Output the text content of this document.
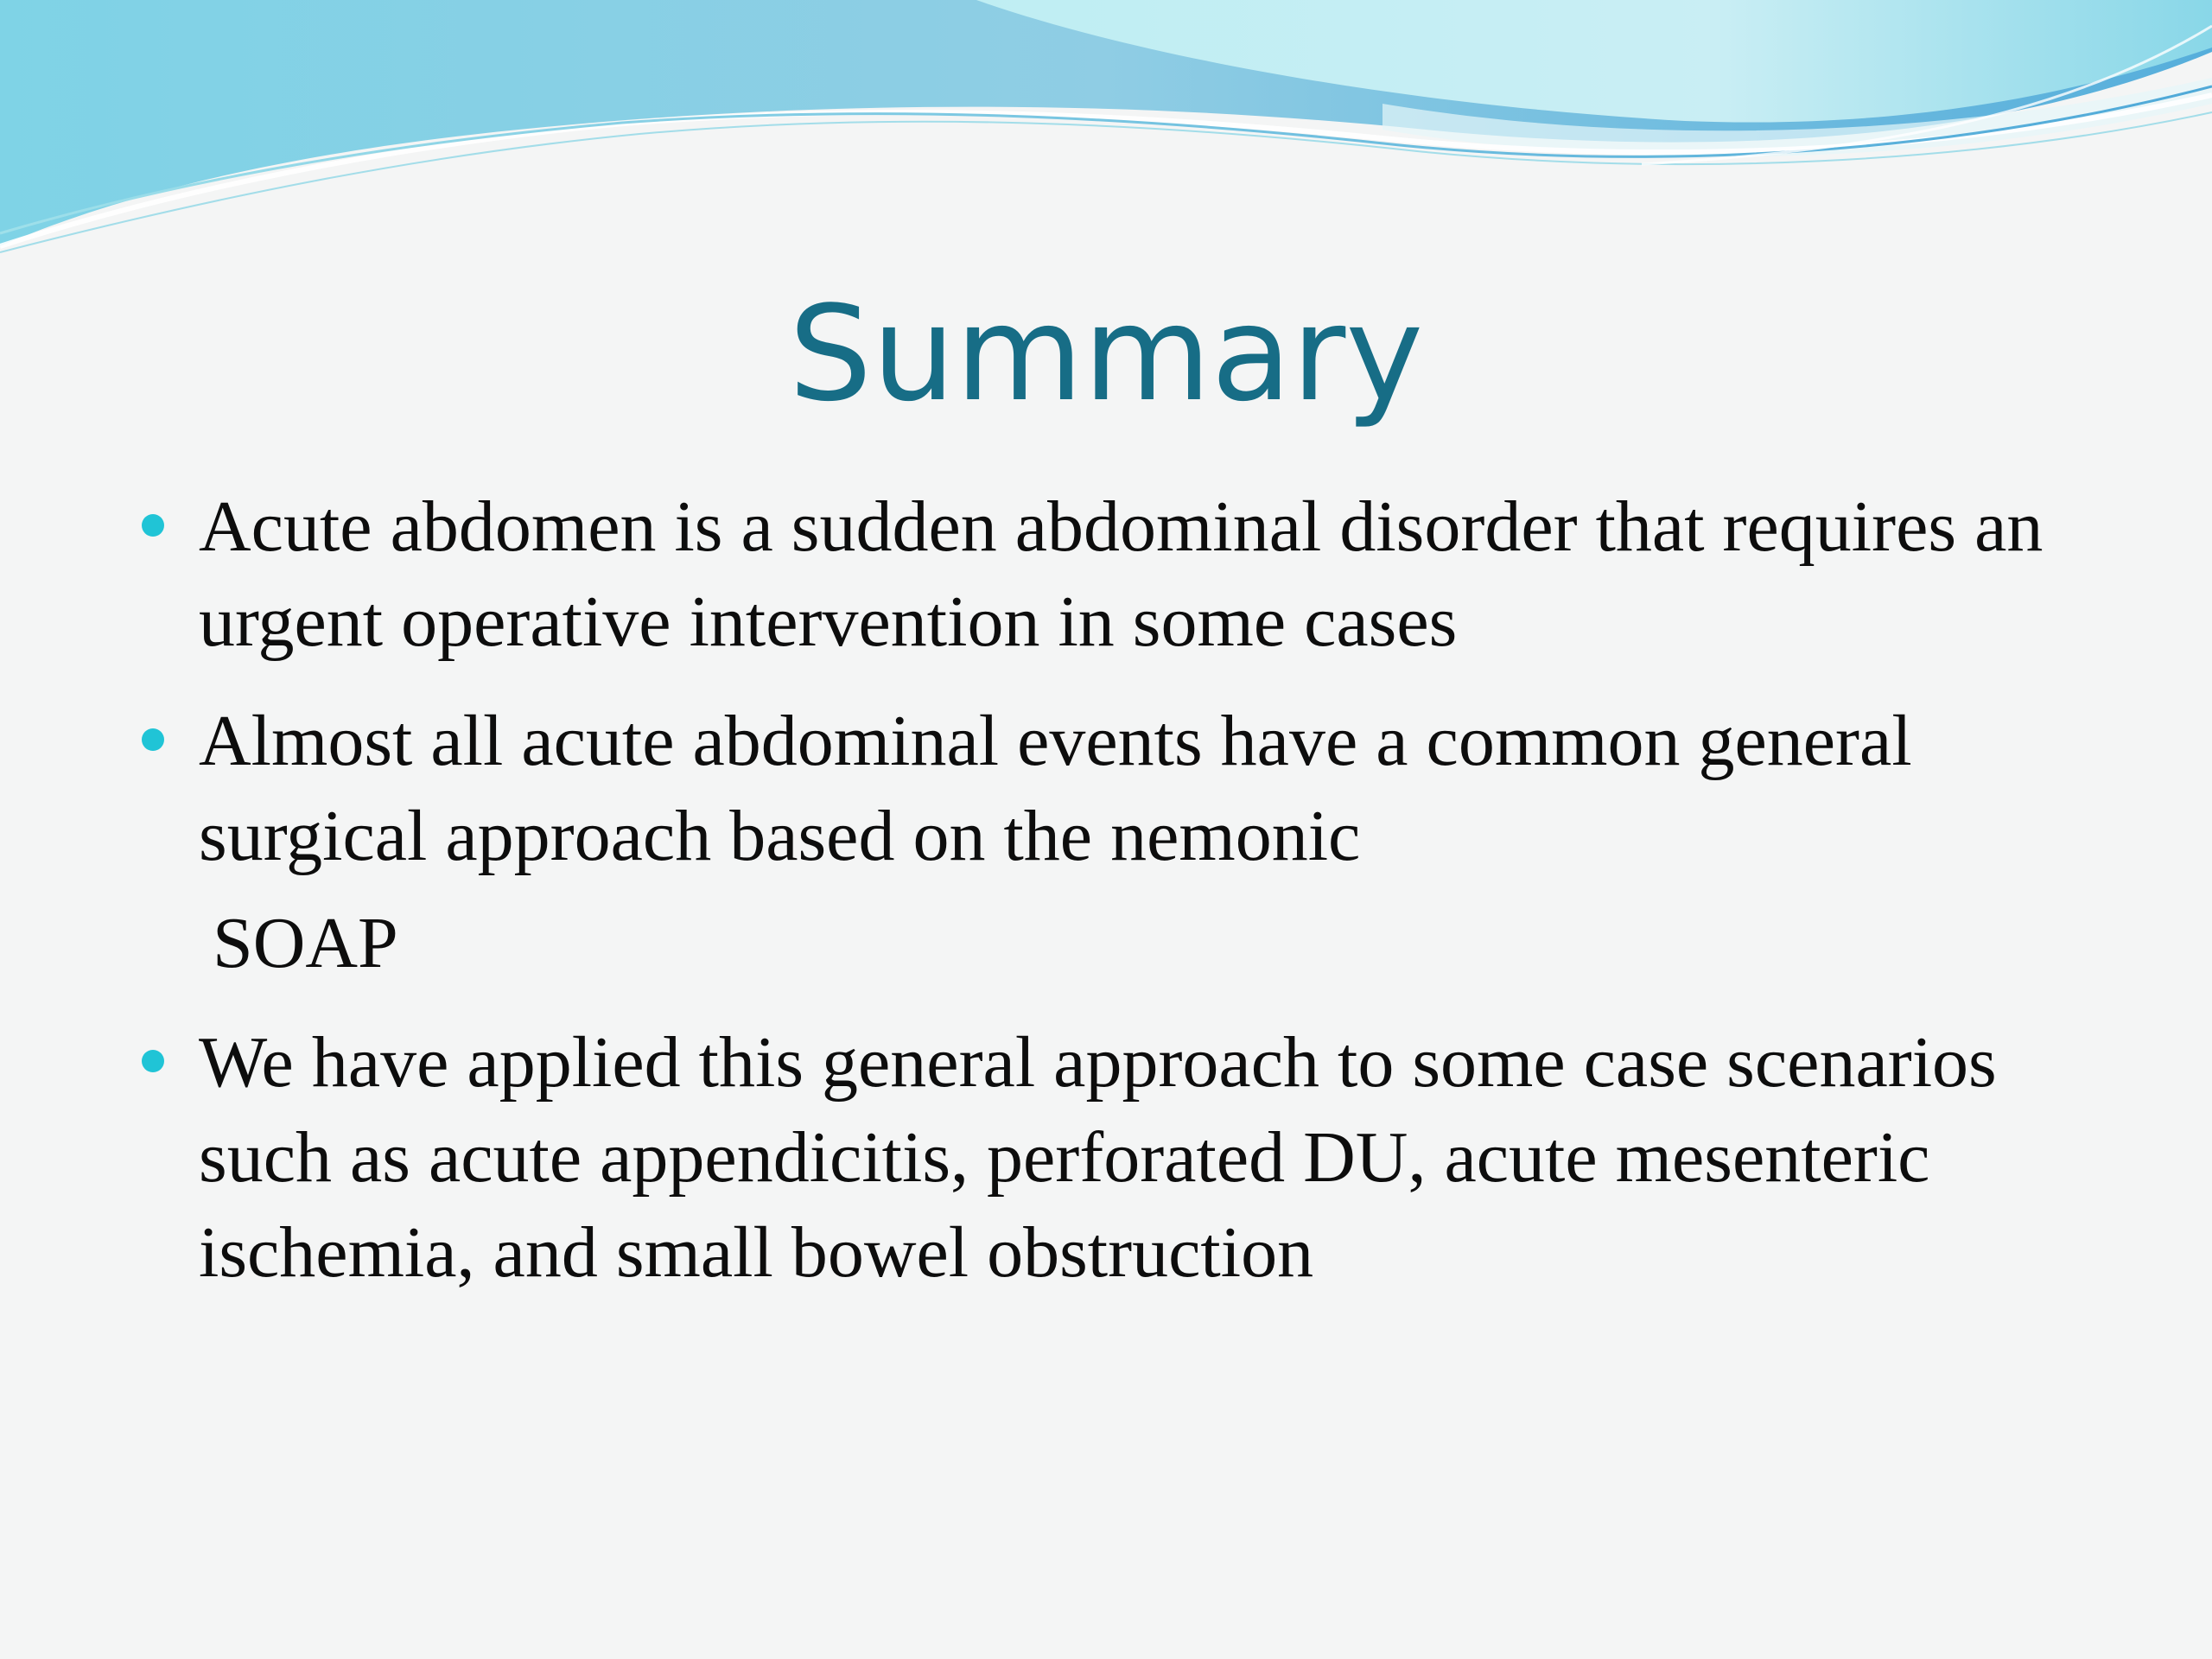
Summary
Acute abdomen is a sudden abdominal disorder that requires an urgent operative intervention in some cases
Almost all acute abdominal events have a common general surgical approach based on the nemonic
SOAP
We have applied this general approach to some case scenarios such as acute appendicitis, perforated DU, acute mesenteric ischemia, and small bowel obstruction
